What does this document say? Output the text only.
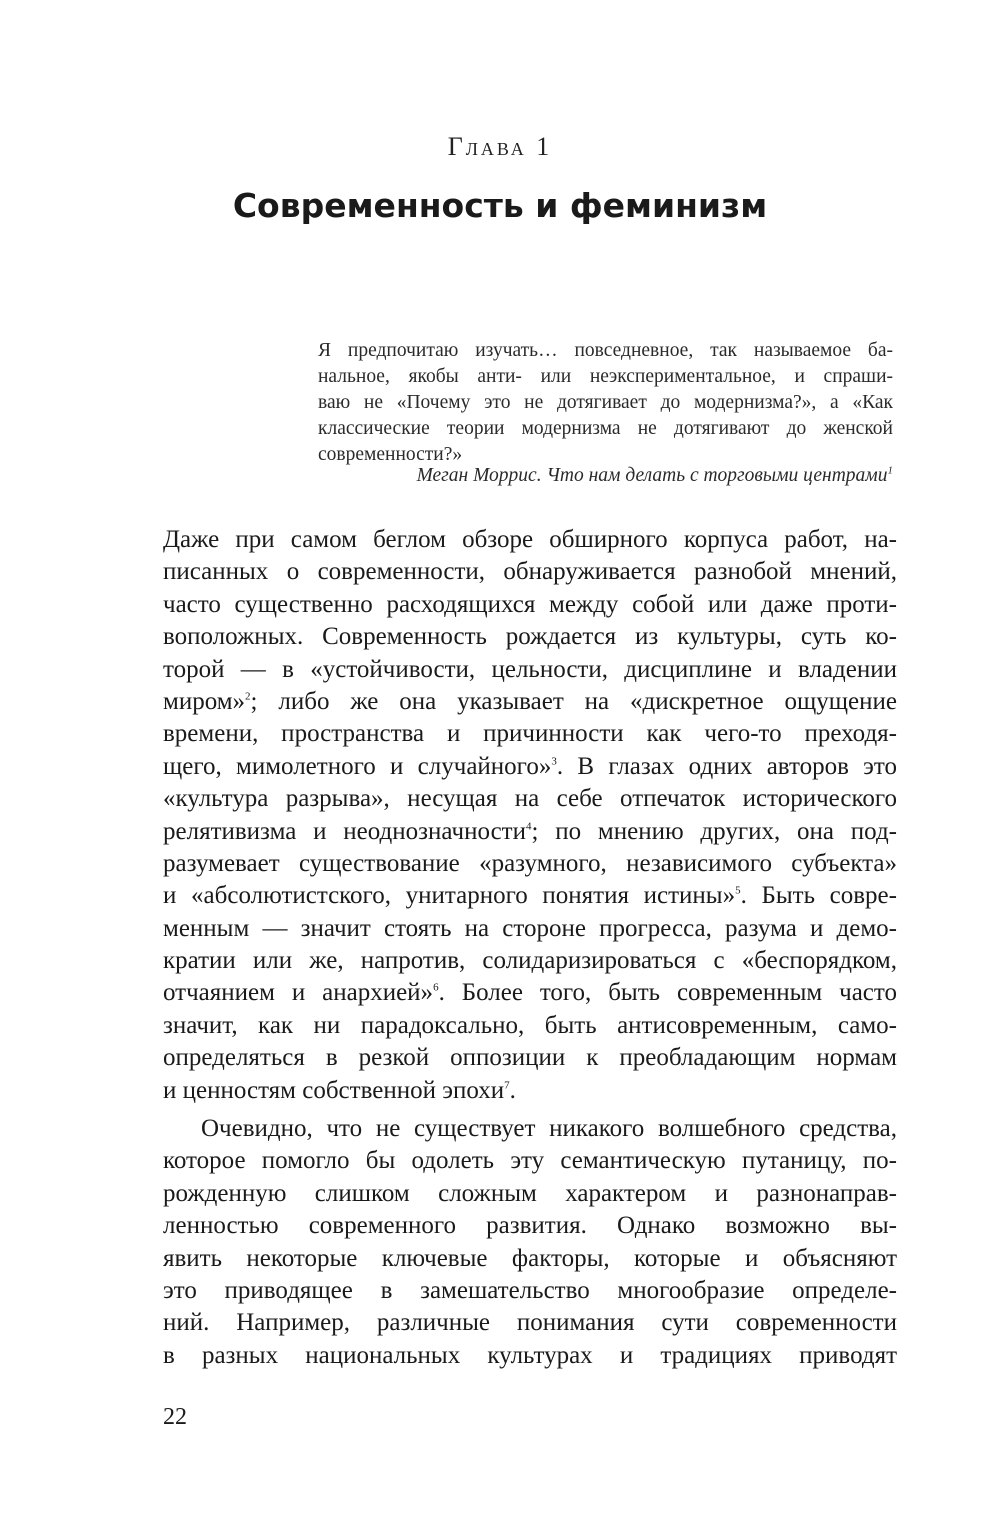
Глава 1
Современность и феминизм
Я предпочитаю изучать… повседневное, так называемое ба-
нальное, якобы анти- или неэкспериментальное, и спраши-
ваю не «Почему это не дотягивает до модернизма?», а «Как
классические теории модернизма не дотягивают до женской
современности?»
Меган Моррис. Что нам делать с торговыми центрами$^1$
Даже при самом беглом обзоре обширного корпуса работ, на-
писанных о современности, обнаруживается разнобой мнений,
часто существенно расходящихся между собой или даже проти-
воположных. Современность рождается из культуры, суть ко-
торой — в «устойчивости, цельности, дисциплине и владении
миром»$^2$; либо же она указывает на «дискретное ощущение
времени, пространства и причинности как чего-то преходя-
щего, мимолетного и случайного»$^3$. В глазах одних авторов это
«культура разрыва», несущая на себе отпечаток исторического
релятивизма и неоднозначности$^4$; по мнению других, она под-
разумевает существование «разумного, независимого субъекта»
и «абсолютистского, унитарного понятия истины»$^5$. Быть совре-
менным — значит стоять на стороне прогресса, разума и демо-
кратии или же, напротив, солидаризироваться с «беспорядком,
отчаянием и анархией»$^6$. Более того, быть современным часто
значит, как ни парадоксально, быть антисовременным, само-
определяться в резкой оппозиции к преобладающим нормам
и ценностям собственной эпохи$^7$.
Очевидно, что не существует никакого волшебного средства,
которое помогло бы одолеть эту семантическую путаницу, по-
рожденную слишком сложным характером и разнонаправ-
ленностью современного развития. Однако возможно вы-
явить некоторые ключевые факторы, которые и объясняют
это приводящее в замешательство многообразие определе-
ний. Например, различные понимания сути современности
в разных национальных культурах и традициях приводят
22
